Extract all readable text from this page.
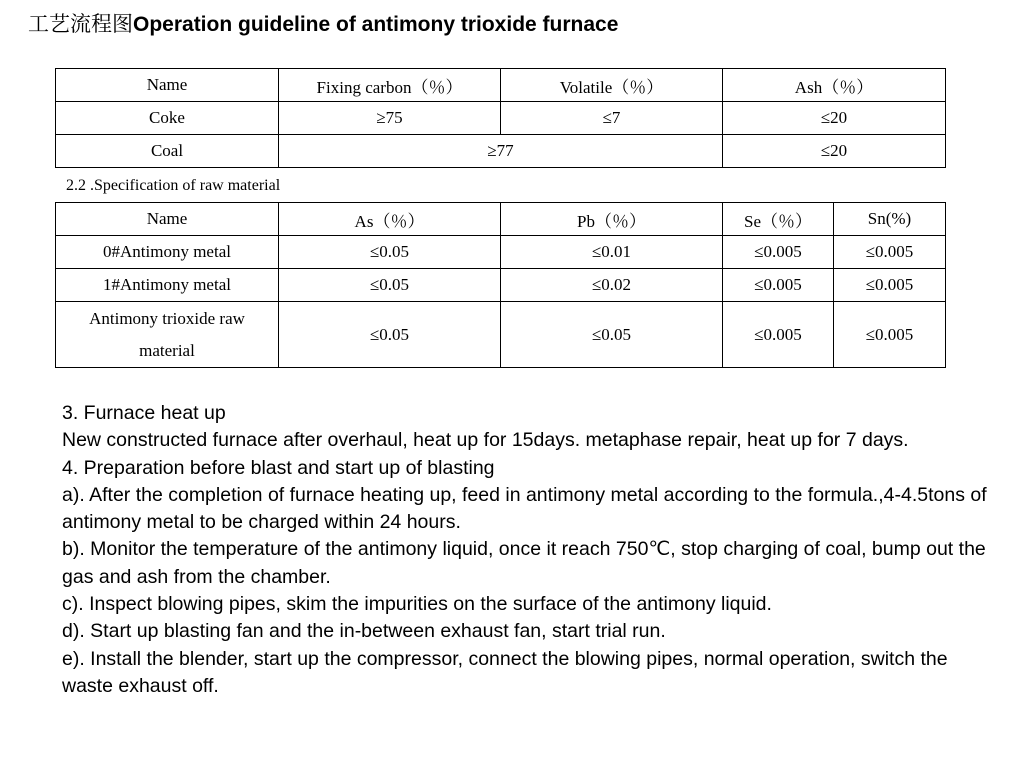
工艺流程图Operation guideline of antimony trioxide furnace
Name	Fixing carbon（％）	Volatile（％）	Ash（％）
Coke	≥75	≤7	≤20
Coal	≥77		≤20
2.2 .Specification of raw material
Name	As（％）	Pb（％）	Se（％）	Sn(%)
0#Antimony metal	≤0.05	≤0.01	≤0.005	≤0.005
1#Antimony metal	≤0.05	≤0.02	≤0.005	≤0.005
Antimony trioxide raw
material	≤0.05	≤0.05	≤0.005	≤0.005

3. Furnace heat up

New constructed furnace after overhaul, heat up for 15days. metaphase repair, heat up for 7 days.

4. Preparation before blast and start up of blasting

a). After the completion of furnace heating up, feed in antimony metal according to the formula.,4-4.5tons of antimony metal to be charged within 24 hours.

b). Monitor the temperature of the antimony liquid, once it reach 750℃, stop charging of coal, bump out the gas and ash from the chamber.

c). Inspect blowing pipes, skim the impurities on the surface of the antimony liquid.

d). Start up blasting fan and the in-between exhaust fan, start trial run.

e). Install the blender, start up the compressor, connect the blowing pipes, normal operation, switch the waste exhaust off.
